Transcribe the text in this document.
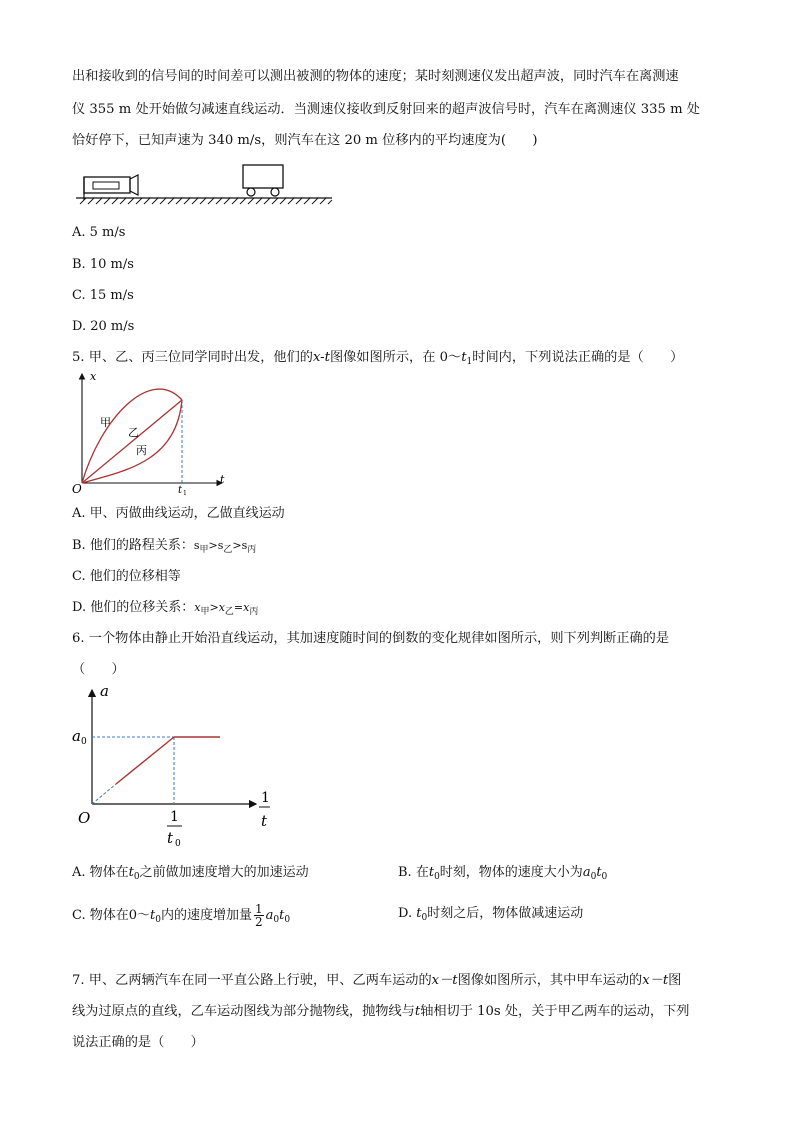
出和接收到的信号间的时间差可以测出被测的物体的速度；某时刻测速仪发出超声波，同时汽车在离测速
仪 355 m 处开始做匀减速直线运动．当测速仪接收到反射回来的超声波信号时，汽车在离测速仪 335 m 处
恰好停下，已知声速为 340 m/s，则汽车在这 20 m 位移内的平均速度为(　　)
A. 5 m/s
B. 10 m/s
C. 15 m/s
D. 20 m/s
5. 甲、乙、丙三位同学同时出发，他们的x-t图像如图所示，在 $0\sim t_1$时间内，下列说法正确的是（　　）
x
t
O	t 1
甲
乙
丙
A. 甲、丙做曲线运动，乙做直线运动
B. 他们的路程关系：$s_甲>s_乙>s_丙$
C. 他们的位移相等
D. 他们的位移关系：$x_甲>x_乙=x_丙$
6. 一个物体由静止开始沿直线运动，其加速度随时间的倒数的变化规律如图所示，则下列判断正确的是
（　　）
a
a 0
O
1
t
1
t 0
A. 物体在$t_0$之前做加速度增大的加速运动	B. 在$t_0$时刻，物体的速度大小为$a_0t_0$
C. 物体在$0\sim t_0$内的速度增加量 $\frac{1}{2} a_0t_0$	D. $t_0$时刻之后，物体做减速运动
7. 甲、乙两辆汽车在同一平直公路上行驶，甲、乙两车运动的x－t图像如图所示，其中甲车运动的x－t图
线为过原点的直线，乙车运动图线为部分抛物线，抛物线与t轴相切于 10s 处，关于甲乙两车的运动，下列
说法正确的是（　　）
